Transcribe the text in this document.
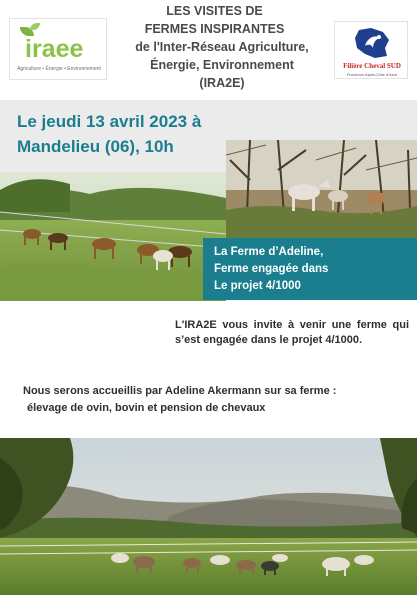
iraee
Agriculture • Énergie • Environnement
LES VISITES DE
FERMES INSPIRANTES
de l'Inter-Réseau Agriculture,
Énergie, Environnement
(IRA2E)
Filière Cheval SUD
Provence-Alpes-Côte d'Azur
Le jeudi 13 avril 2023 à
Mandelieu (06), 10h
La Ferme d’Adeline,
Ferme engagée dans
Le projet 4/1000
L'IRA2E vous invite à venir une ferme qui s’est engagée dans le projet 4/1000.
Nous serons accueillis par Adeline Akermann sur sa ferme :
élevage de ovin, bovin et pension de chevaux
